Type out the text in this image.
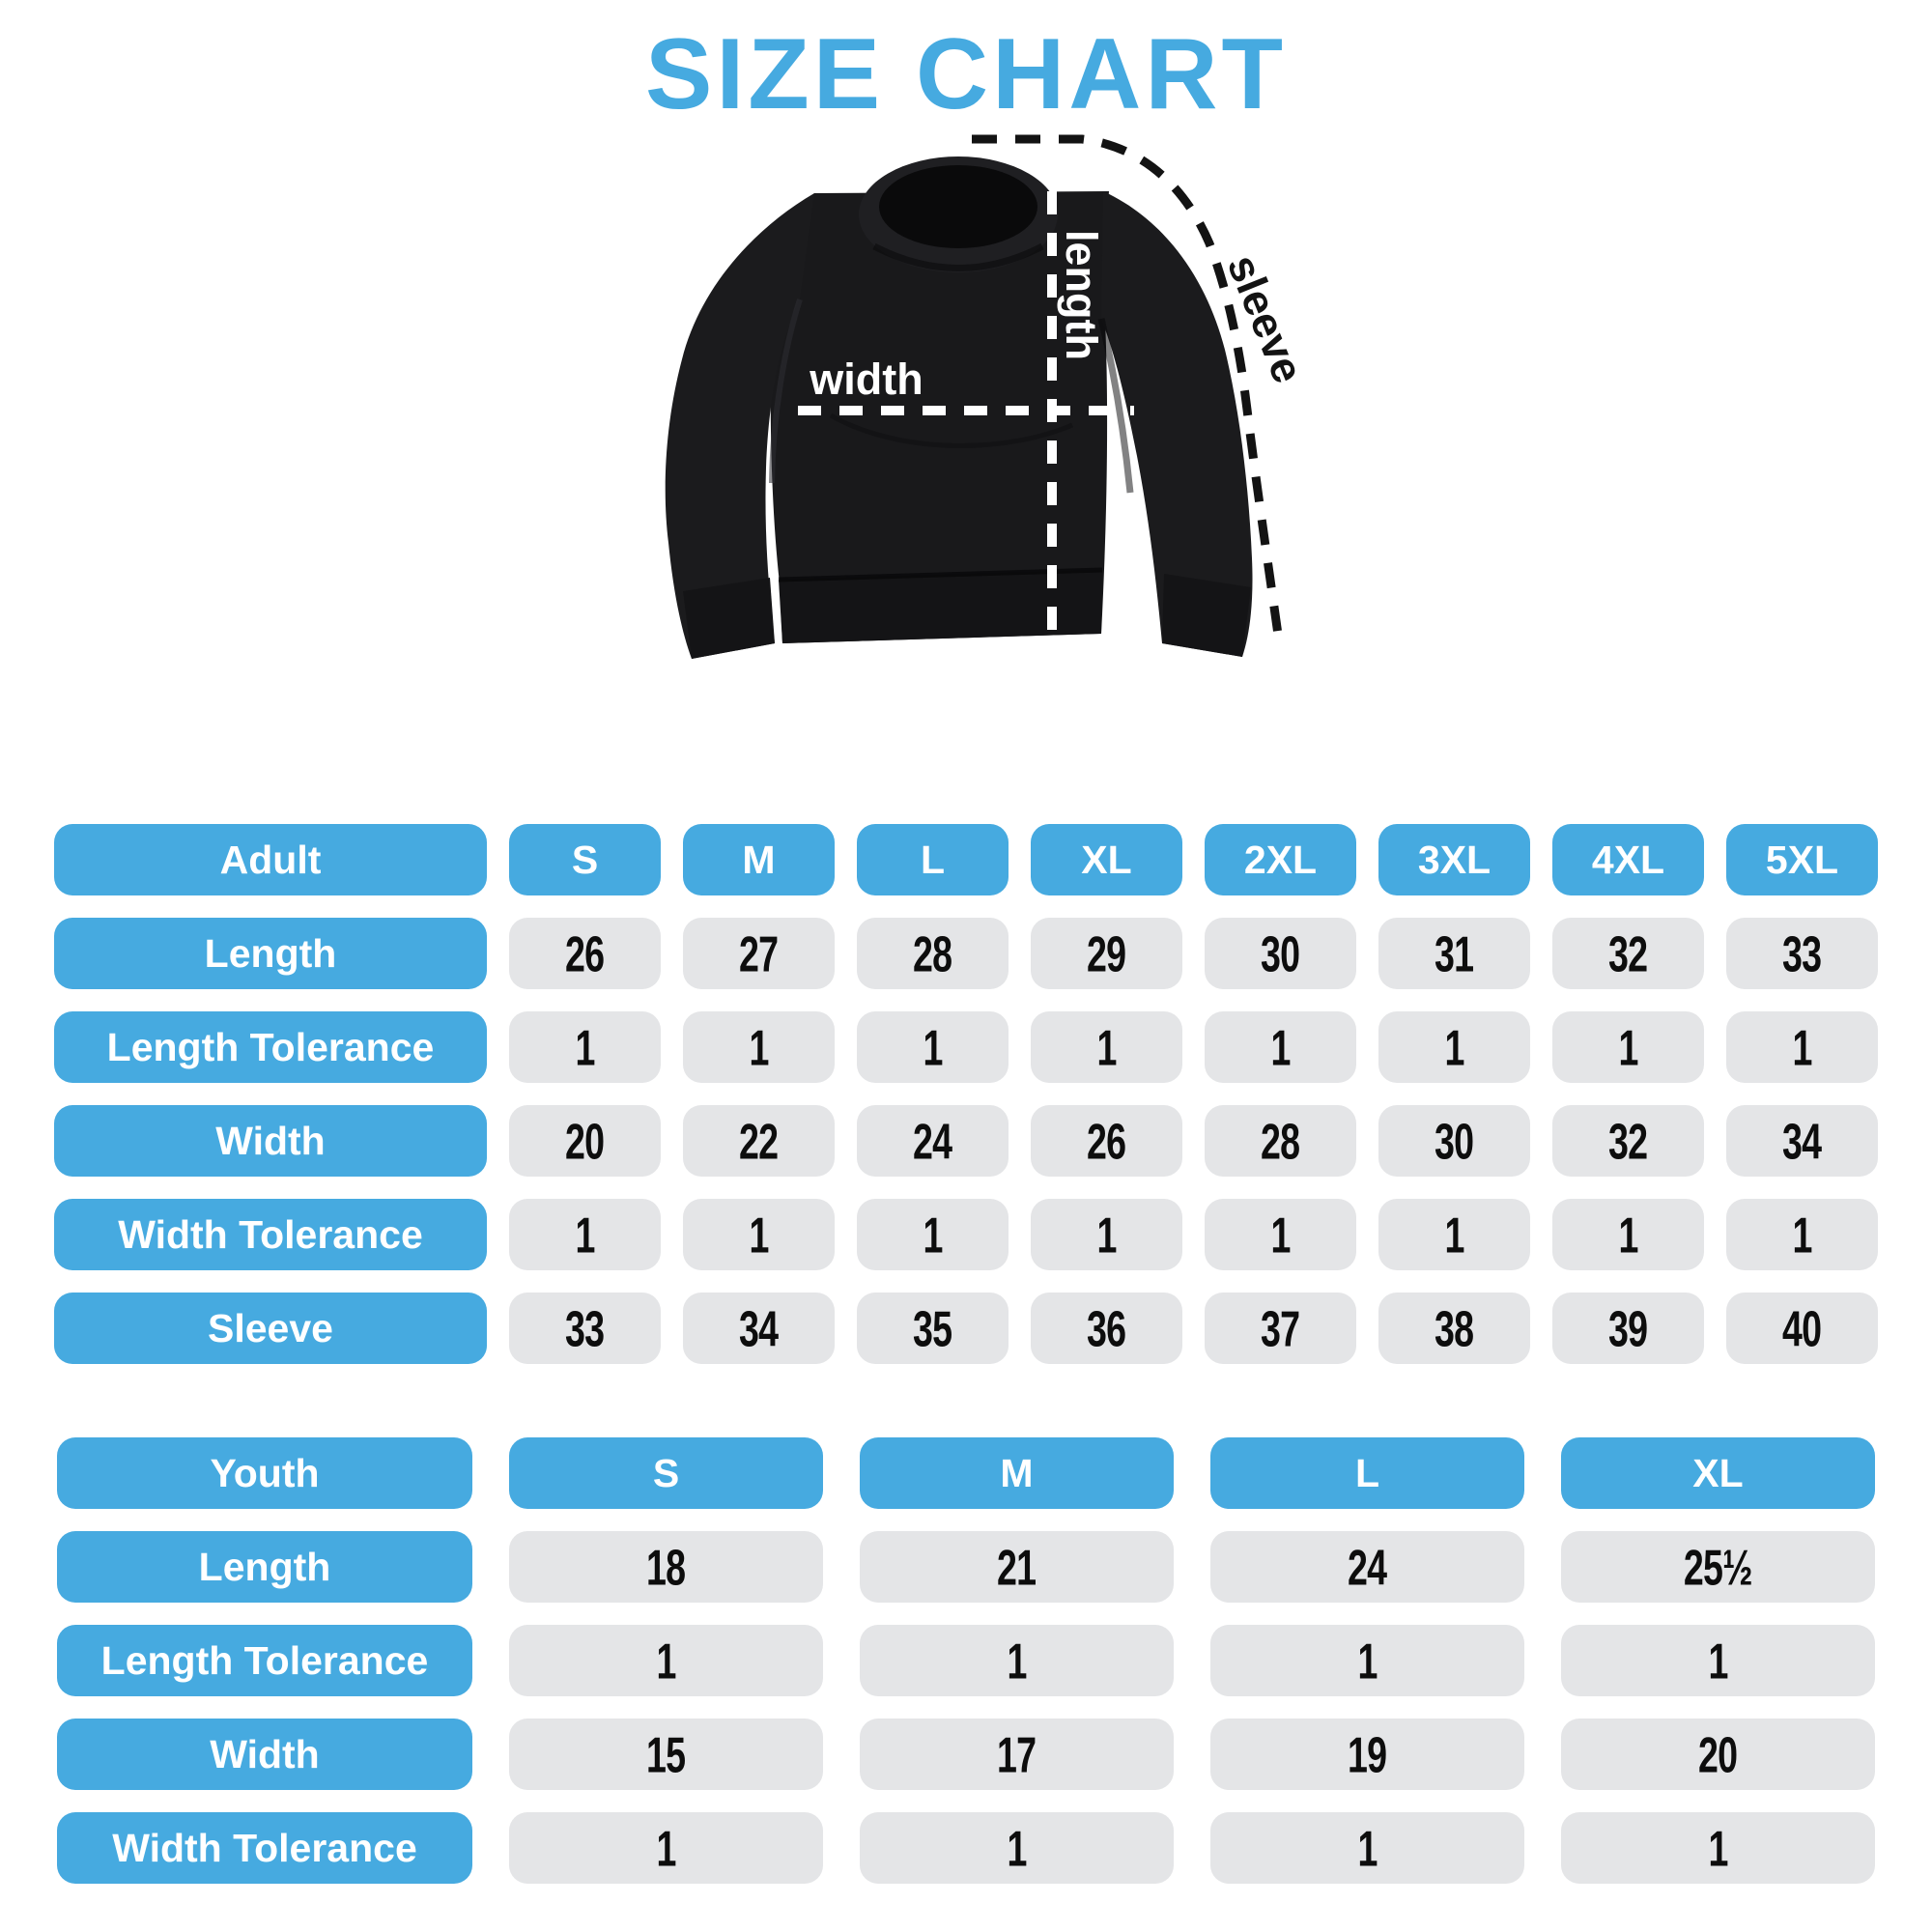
SIZE CHART
width
length	sleeve
Adult	S	M	L	XL	2XL	3XL	4XL	5XL
Length	26	27	28	29	30	31	32	33
Length Tolerance	1	1	1	1	1	1	1	1
Width	20	22	24	26	28	30	32	34
Width Tolerance	1	1	1	1	1	1	1	1
Sleeve	33	34	35	36	37	38	39	40
Youth	S	M	L	XL
Length	18	21	24	25½
Length Tolerance	1	1	1	1
Width	15	17	19	20
Width Tolerance	1	1	1	1
